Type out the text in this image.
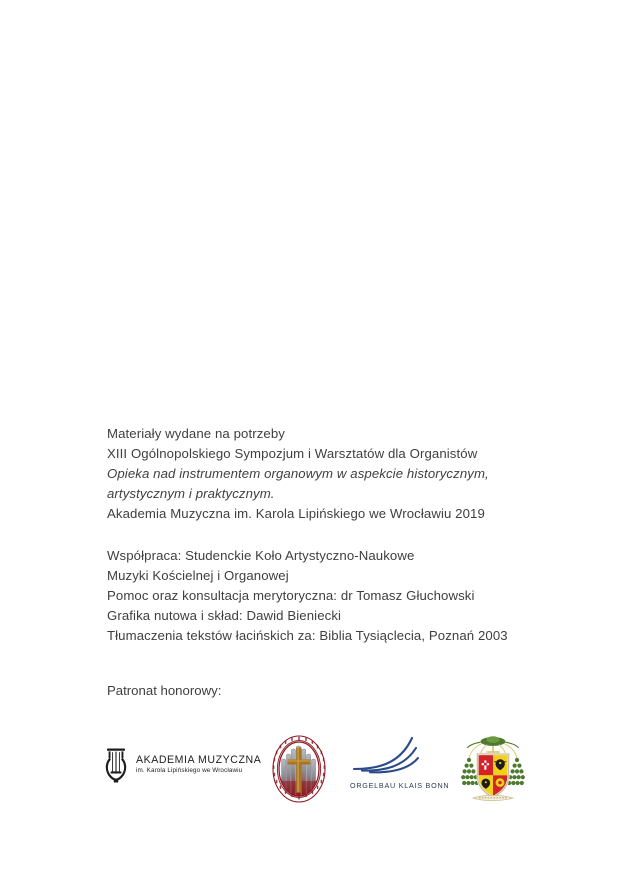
Materiały wydane na potrzeby
XIII Ogólnopolskiego Sympozjum i Warsztatów dla Organistów
Opieka nad instrumentem organowym w aspekcie historycznym,
artystycznym i praktycznym.
Akademia Muzyczna im. Karola Lipińskiego we Wrocławiu 2019
Współpraca: Studenckie Koło Artystyczno-Naukowe
Muzyki Kościelnej i Organowej
Pomoc oraz konsultacja merytoryczna: dr Tomasz Głuchowski
Grafika nutowa i skład: Dawid Bieniecki
Tłumaczenia tekstów łacińskich za: Biblia Tysiąclecia, Poznań 2003
Patronat honorowy:
AKADEMIA MUZYCZNA
im. Karola Lipińskiego we Wrocławiu
ORGELBAU KLAIS BONN
